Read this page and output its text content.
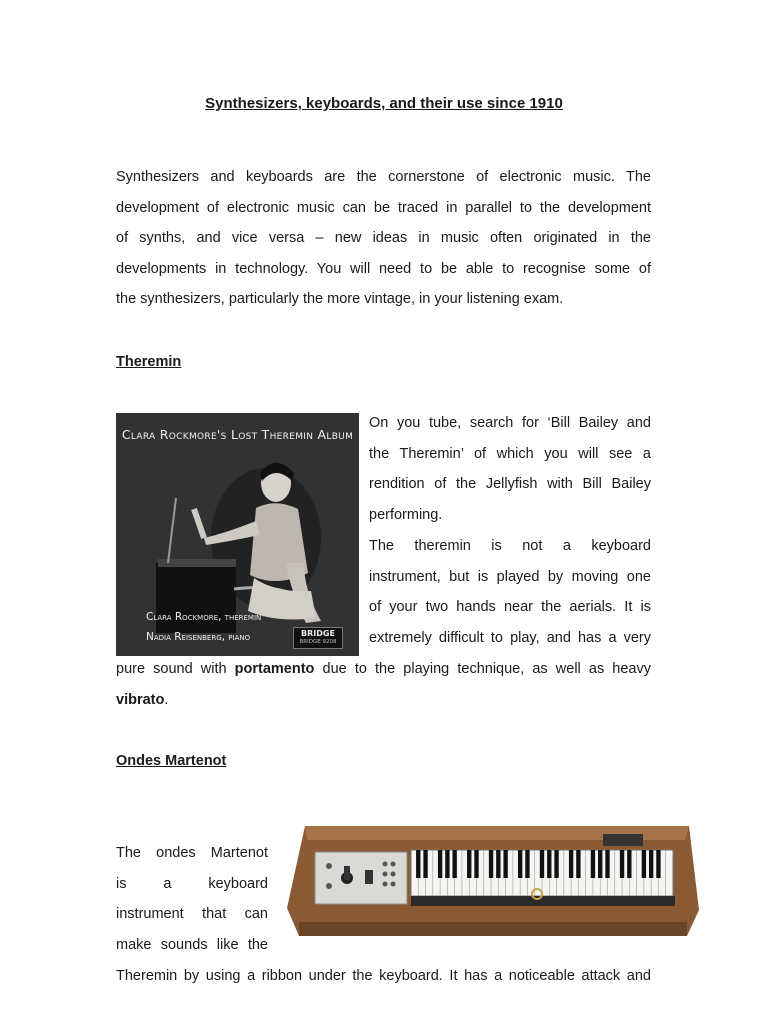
Synthesizers, keyboards, and their use since 1910
Synthesizers and keyboards are the cornerstone of electronic music. The
development of electronic music can be traced in parallel to the development
of synths, and vice versa – new ideas in music often originated in the
developments in technology. You will need to be able to recognise some of
the synthesizers, particularly the more vintage, in your listening exam.
Theremin
Clara Rockmore's Lost Theremin Album
Clara Rockmore, theremin
Nadia Reisenberg, piano	BRIDGE
BRIDGE 9208
On you tube, search for ‘Bill Bailey and
the Theremin’ of which you will see a
rendition of the Jellyfish with Bill Bailey
performing.
The theremin is not a keyboard
instrument, but is played by moving one
of your two hands near the aerials. It is
extremely difficult to play, and has a very
pure sound with portamento due to the playing technique, as well as heavy
vibrato.
Ondes Martenot
The ondes Martenot
is a keyboard
instrument that can
make sounds like the
Theremin by using a ribbon under the keyboard. It has a noticeable attack and
